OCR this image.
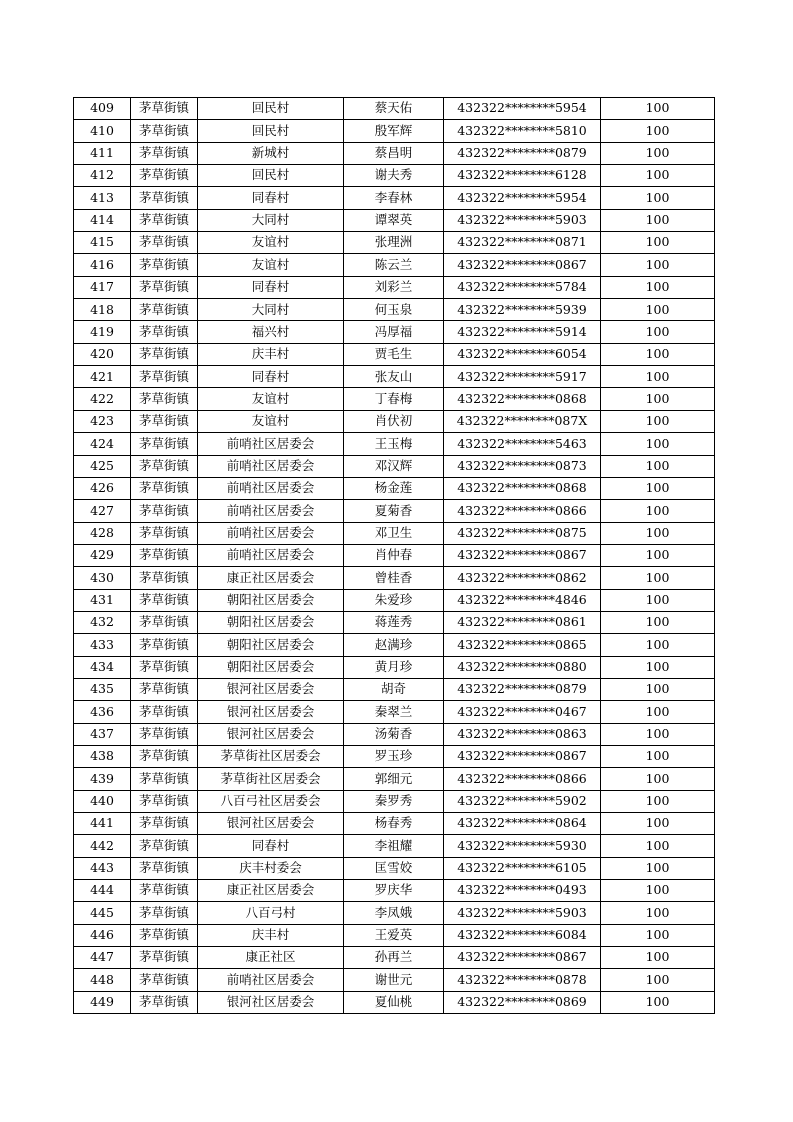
409	茅草街镇	回民村	蔡天佑	432322********5954	100
410	茅草街镇	回民村	殷军辉	432322********5810	100
411	茅草街镇	新城村	蔡昌明	432322********0879	100
412	茅草街镇	回民村	谢夫秀	432322********6128	100
413	茅草街镇	同春村	李春林	432322********5954	100
414	茅草街镇	大同村	谭翠英	432322********5903	100
415	茅草街镇	友谊村	张理洲	432322********0871	100
416	茅草街镇	友谊村	陈云兰	432322********0867	100
417	茅草街镇	同春村	刘彩兰	432322********5784	100
418	茅草街镇	大同村	何玉泉	432322********5939	100
419	茅草街镇	福兴村	冯厚福	432322********5914	100
420	茅草街镇	庆丰村	贾毛生	432322********6054	100
421	茅草街镇	同春村	张友山	432322********5917	100
422	茅草街镇	友谊村	丁春梅	432322********0868	100
423	茅草街镇	友谊村	肖伏初	432322********087X	100
424	茅草街镇	前哨社区居委会	王玉梅	432322********5463	100
425	茅草街镇	前哨社区居委会	邓汉辉	432322********0873	100
426	茅草街镇	前哨社区居委会	杨金莲	432322********0868	100
427	茅草街镇	前哨社区居委会	夏菊香	432322********0866	100
428	茅草街镇	前哨社区居委会	邓卫生	432322********0875	100
429	茅草街镇	前哨社区居委会	肖仲春	432322********0867	100
430	茅草街镇	康正社区居委会	曾桂香	432322********0862	100
431	茅草街镇	朝阳社区居委会	朱爱珍	432322********4846	100
432	茅草街镇	朝阳社区居委会	蒋莲秀	432322********0861	100
433	茅草街镇	朝阳社区居委会	赵满珍	432322********0865	100
434	茅草街镇	朝阳社区居委会	黄月珍	432322********0880	100
435	茅草街镇	银河社区居委会	胡奇	432322********0879	100
436	茅草街镇	银河社区居委会	秦翠兰	432322********0467	100
437	茅草街镇	银河社区居委会	汤菊香	432322********0863	100
438	茅草街镇	茅草街社区居委会	罗玉珍	432322********0867	100
439	茅草街镇	茅草街社区居委会	郭细元	432322********0866	100
440	茅草街镇	八百弓社区居委会	秦罗秀	432322********5902	100
441	茅草街镇	银河社区居委会	杨春秀	432322********0864	100
442	茅草街镇	同春村	李祖耀	432322********5930	100
443	茅草街镇	庆丰村委会	匡雪姣	432322********6105	100
444	茅草街镇	康正社区居委会	罗庆华	432322********0493	100
445	茅草街镇	八百弓村	李凤娥	432322********5903	100
446	茅草街镇	庆丰村	王爱英	432322********6084	100
447	茅草街镇	康正社区	孙再兰	432322********0867	100
448	茅草街镇	前哨社区居委会	谢世元	432322********0878	100
449	茅草街镇	银河社区居委会	夏仙桃	432322********0869	100
